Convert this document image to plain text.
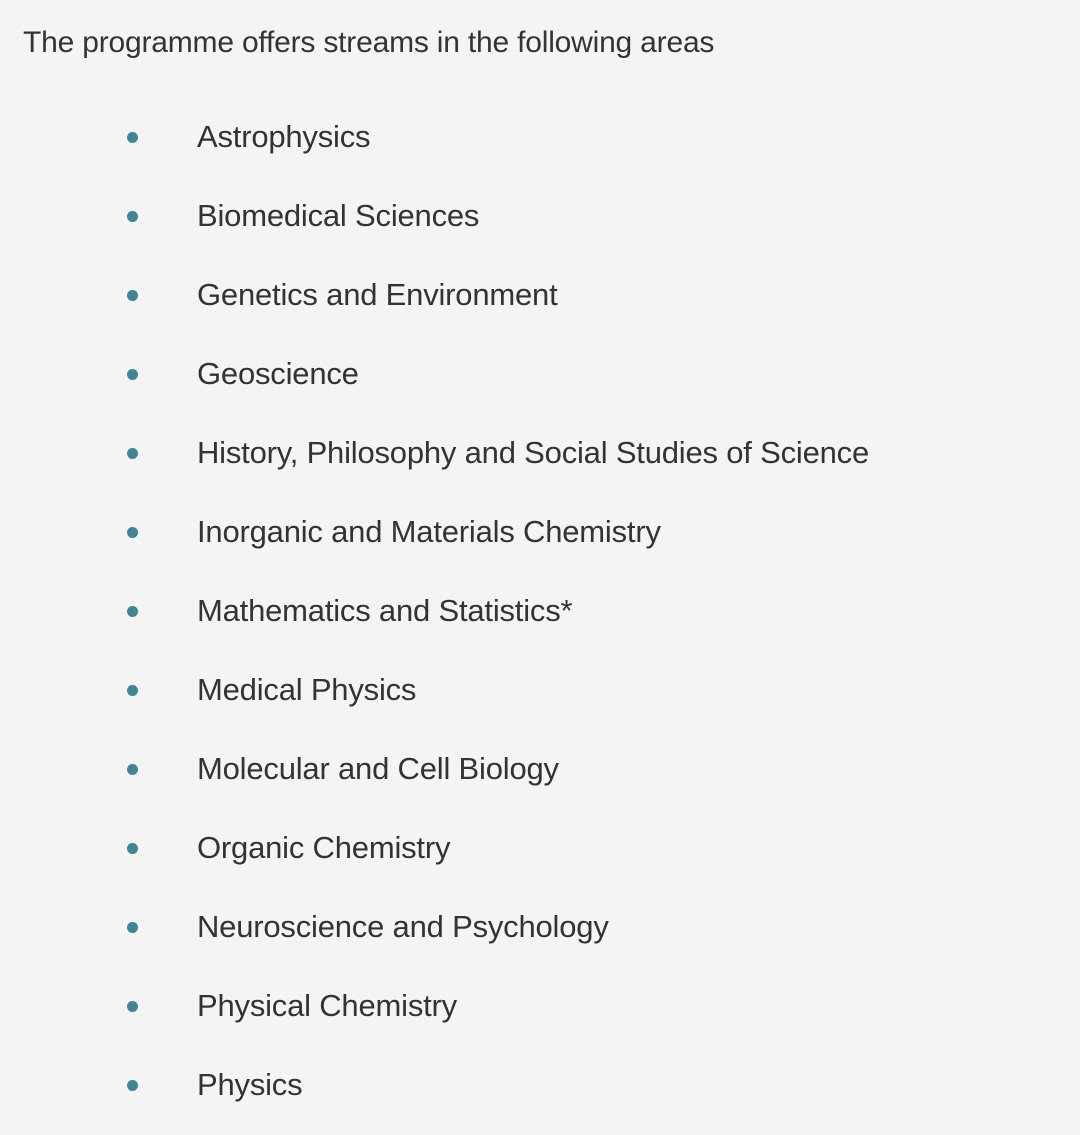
The programme offers streams in the following areas

Astrophysics
Biomedical Sciences
Genetics and Environment
Geoscience
History, Philosophy and Social Studies of Science
Inorganic and Materials Chemistry
Mathematics and Statistics*
Medical Physics
Molecular and Cell Biology
Organic Chemistry
Neuroscience and Psychology
Physical Chemistry
Physics
